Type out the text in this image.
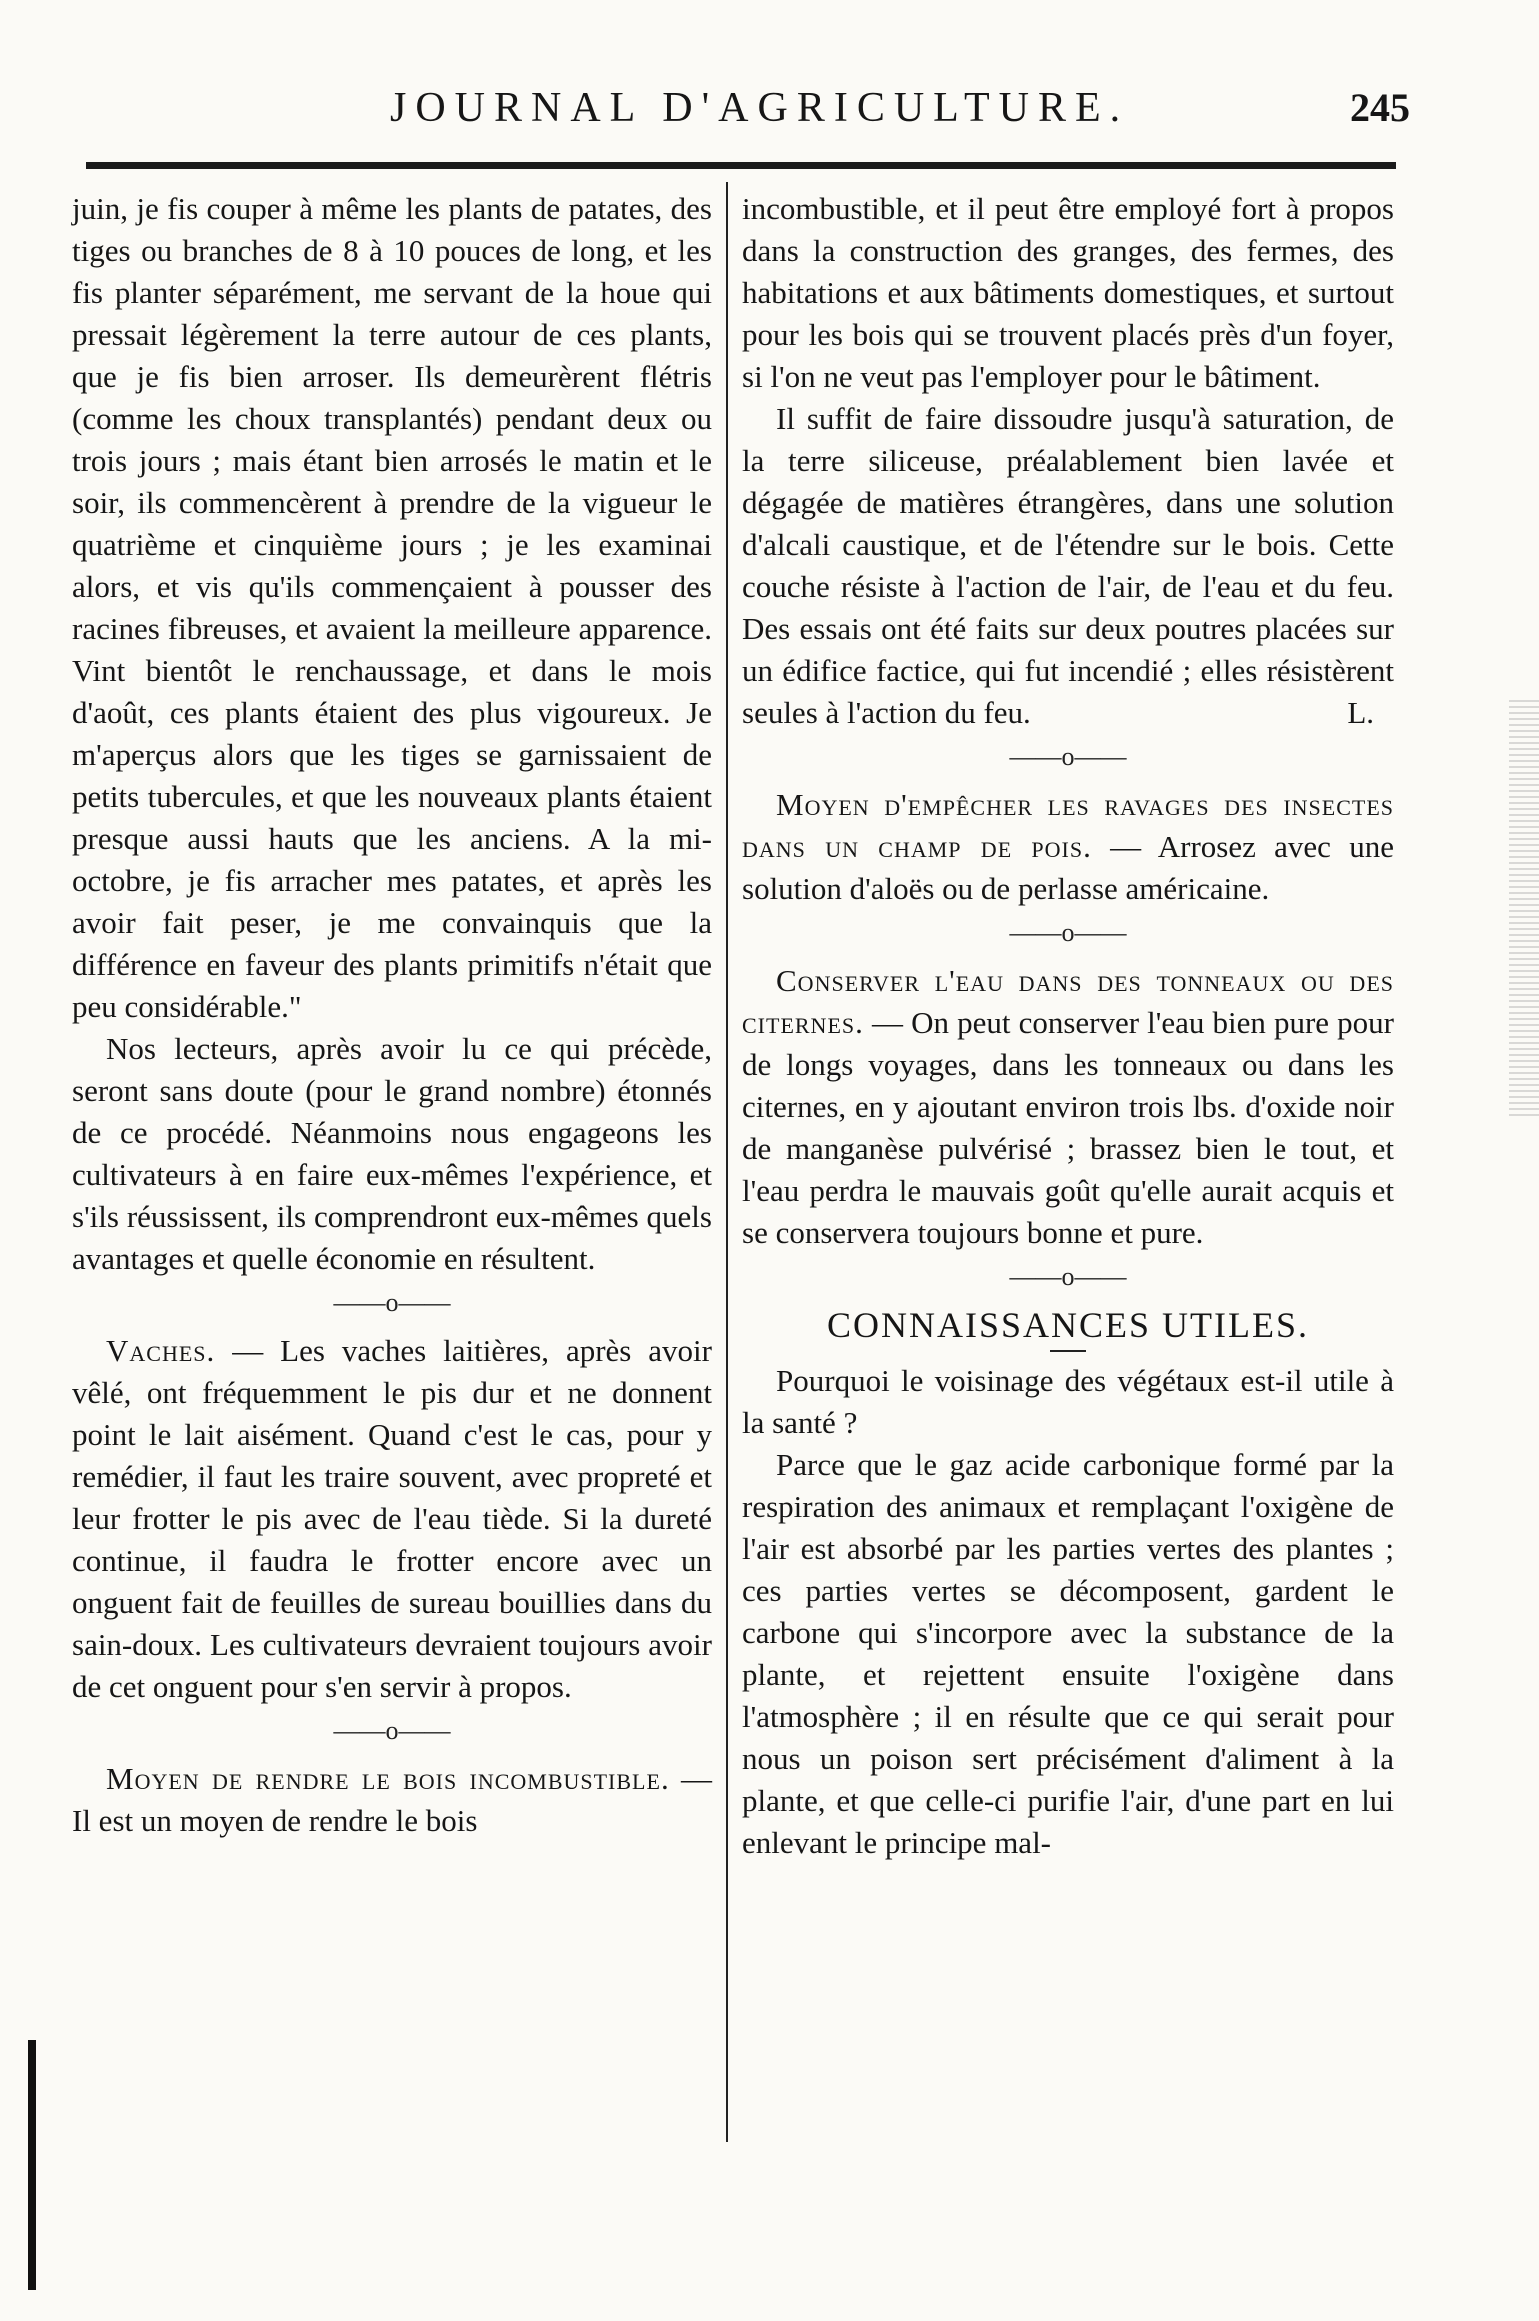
JOURNAL D'AGRICULTURE.	245

juin, je fis couper à même les plants de patates, des tiges ou branches de 8 à 10 pouces de long, et les fis planter séparément, me servant de la houe qui pressait légèrement la terre autour de ces plants, que je fis bien arroser. Ils demeurèrent flétris (comme les choux transplantés) pendant deux ou trois jours ; mais étant bien arrosés le matin et le soir, ils commencèrent à prendre de la vigueur le quatrième et cinquième jours ; je les examinai alors, et vis qu'ils commençaient à pousser des racines fibreuses, et avaient la meilleure apparence. Vint bientôt le renchaussage, et dans le mois d'août, ces plants étaient des plus vigoureux. Je m'aperçus alors que les tiges se garnissaient de petits tubercules, et que les nouveaux plants étaient presque aussi hauts que les anciens. A la mi-octobre, je fis arracher mes patates, et après les avoir fait peser, je me convainquis que la différence en faveur des plants primitifs n'était que peu considérable."

Nos lecteurs, après avoir lu ce qui précède, seront sans doute (pour le grand nombre) étonnés de ce procédé. Néanmoins nous engageons les cultivateurs à en faire eux-mêmes l'expérience, et s'ils réussissent, ils comprendront eux-mêmes quels avantages et quelle économie en résultent.

——o——

Vaches. — Les vaches laitières, après avoir vêlé, ont fréquemment le pis dur et ne donnent point le lait aisément. Quand c'est le cas, pour y remédier, il faut les traire souvent, avec propreté et leur frotter le pis avec de l'eau tiède. Si la dureté continue, il faudra le frotter encore avec un onguent fait de feuilles de sureau bouillies dans du sain-doux. Les cultivateurs devraient toujours avoir de cet onguent pour s'en servir à propos.

——o——

Moyen de rendre le bois incombustible. — Il est un moyen de rendre le bois

incombustible, et il peut être employé fort à propos dans la construction des granges, des fermes, des habitations et aux bâtiments domestiques, et surtout pour les bois qui se trouvent placés près d'un foyer, si l'on ne veut pas l'employer pour le bâtiment.

Il suffit de faire dissoudre jusqu'à saturation, de la terre siliceuse, préalablement bien lavée et dégagée de matières étrangères, dans une solution d'alcali caustique, et de l'étendre sur le bois. Cette couche résiste à l'action de l'air, de l'eau et du feu. Des essais ont été faits sur deux poutres placées sur un édifice factice, qui fut incendié ; elles résistèrent seules à l'action du feu.	L.

——o——

Moyen d'empêcher les ravages des insectes dans un champ de pois. — Arrosez avec une solution d'aloës ou de perlasse américaine.

——o——

Conserver l'eau dans des tonneaux ou des citernes. — On peut conserver l'eau bien pure pour de longs voyages, dans les tonneaux ou dans les citernes, en y ajoutant environ trois lbs. d'oxide noir de manganèse pulvérisé ; brassez bien le tout, et l'eau perdra le mauvais goût qu'elle aurait acquis et se conservera toujours bonne et pure.

——o——
CONNAISSANCES UTILES.

Pourquoi le voisinage des végétaux est-il utile à la santé ?

Parce que le gaz acide carbonique formé par la respiration des animaux et remplaçant l'oxigène de l'air est absorbé par les parties vertes des plantes ; ces parties vertes se décomposent, gardent le carbone qui s'incorpore avec la substance de la plante, et rejettent ensuite l'oxigène dans l'atmosphère ; il en résulte que ce qui serait pour nous un poison sert précisément d'aliment à la plante, et que celle-ci purifie l'air, d'une part en lui enlevant le principe mal-
